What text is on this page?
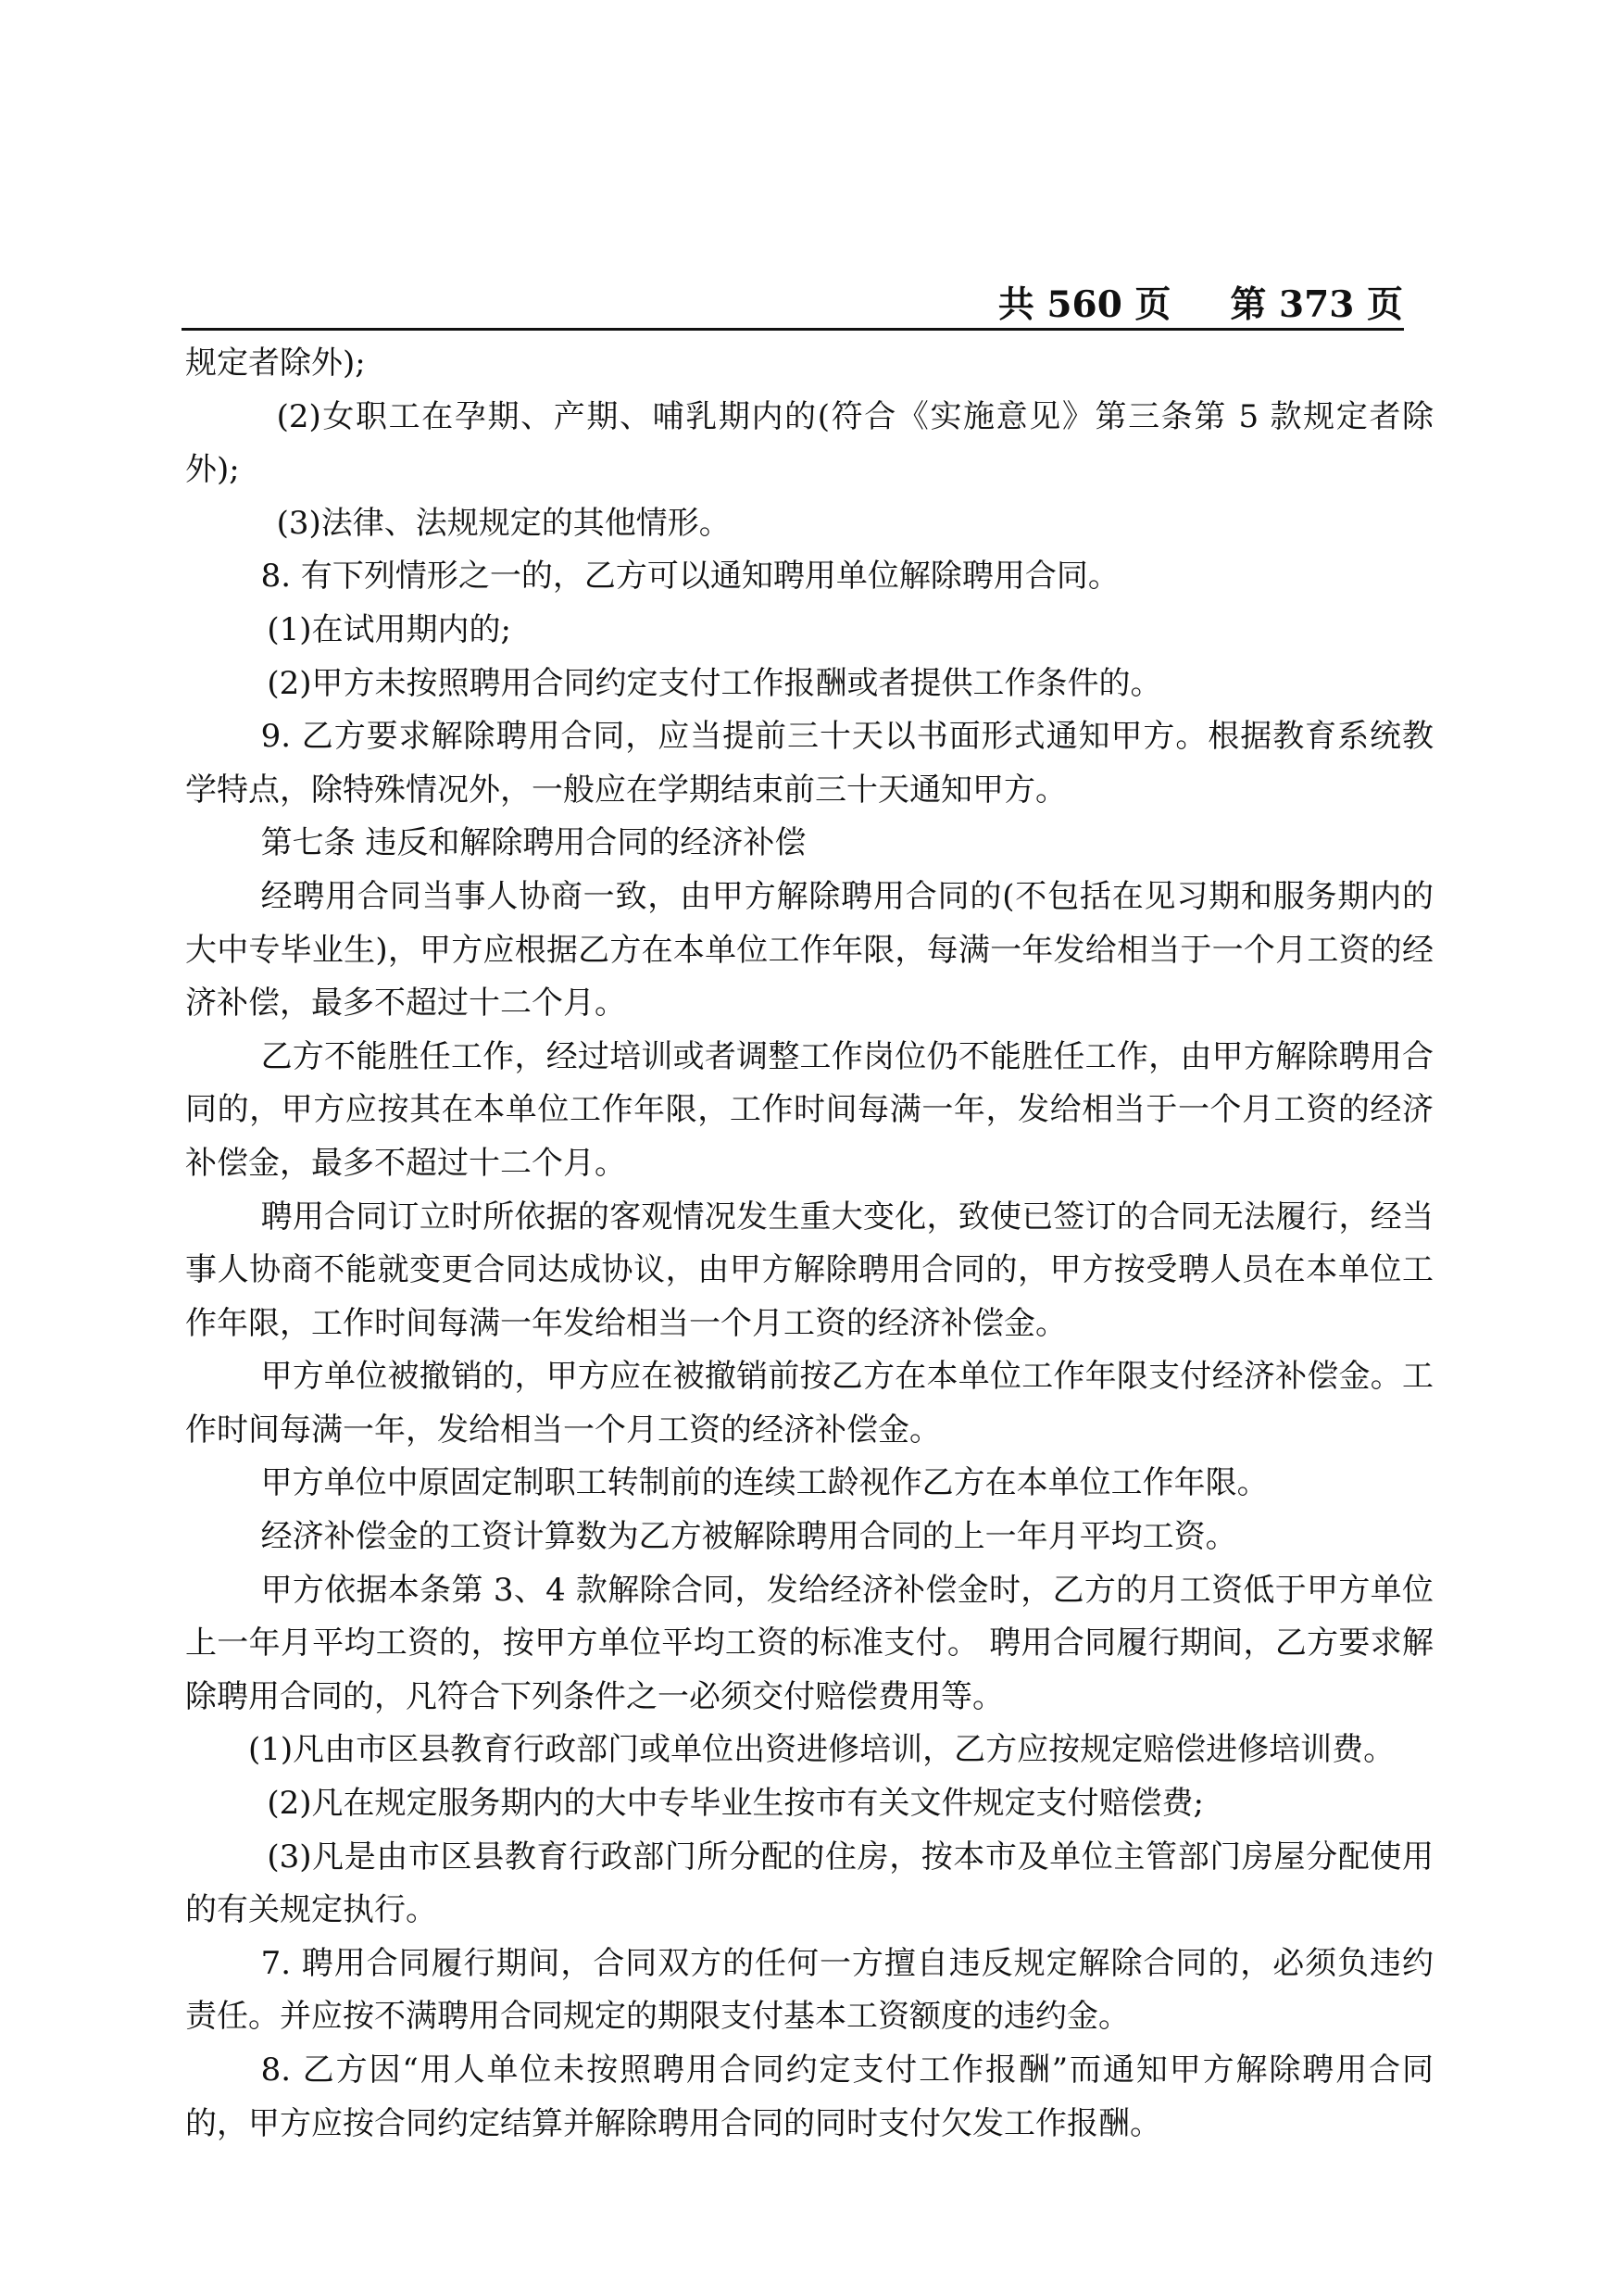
共 560 页 第 373 页

规定者除外);

(2)女职工在孕期、产期、哺乳期内的(符合《实施意见》第三条第 5 款规定者除外);

(3)法律、法规规定的其他情形。

8. 有下列情形之一的，乙方可以通知聘用单位解除聘用合同。

(1)在试用期内的;

(2)甲方未按照聘用合同约定支付工作报酬或者提供工作条件的。

9. 乙方要求解除聘用合同，应当提前三十天以书面形式通知甲方。根据教育系统教学特点，除特殊情况外，一般应在学期结束前三十天通知甲方。

第七条 违反和解除聘用合同的经济补偿

经聘用合同当事人协商一致，由甲方解除聘用合同的(不包括在见习期和服务期内的大中专毕业生)，甲方应根据乙方在本单位工作年限，每满一年发给相当于一个月工资的经济补偿，最多不超过十二个月。

乙方不能胜任工作，经过培训或者调整工作岗位仍不能胜任工作，由甲方解除聘用合同的，甲方应按其在本单位工作年限，工作时间每满一年，发给相当于一个月工资的经济补偿金，最多不超过十二个月。

聘用合同订立时所依据的客观情况发生重大变化，致使已签订的合同无法履行，经当事人协商不能就变更合同达成协议，由甲方解除聘用合同的，甲方按受聘人员在本单位工作年限，工作时间每满一年发给相当一个月工资的经济补偿金。

甲方单位被撤销的，甲方应在被撤销前按乙方在本单位工作年限支付经济补偿金。工作时间每满一年，发给相当一个月工资的经济补偿金。

甲方单位中原固定制职工转制前的连续工龄视作乙方在本单位工作年限。

经济补偿金的工资计算数为乙方被解除聘用合同的上一年月平均工资。

甲方依据本条第 3、4 款解除合同，发给经济补偿金时，乙方的月工资低于甲方单位上一年月平均工资的，按甲方单位平均工资的标准支付。 聘用合同履行期间，乙方要求解除聘用合同的，凡符合下列条件之一必须交付赔偿费用等。

(1)凡由市区县教育行政部门或单位出资进修培训，乙方应按规定赔偿进修培训费。

(2)凡在规定服务期内的大中专毕业生按市有关文件规定支付赔偿费;

(3)凡是由市区县教育行政部门所分配的住房，按本市及单位主管部门房屋分配使用的有关规定执行。

7. 聘用合同履行期间，合同双方的任何一方擅自违反规定解除合同的，必须负违约责任。并应按不满聘用合同规定的期限支付基本工资额度的违约金。

8. 乙方因“用人单位未按照聘用合同约定支付工作报酬”而通知甲方解除聘用合同的，甲方应按合同约定结算并解除聘用合同的同时支付欠发工作报酬。
